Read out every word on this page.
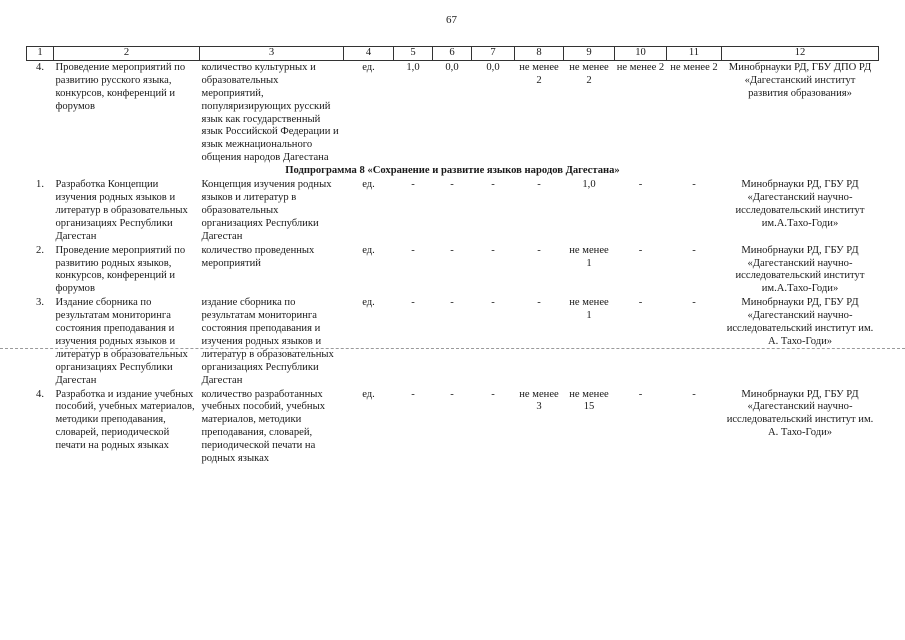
67
1	2	3	4	5	6	7	8	9	10	11	12
4.	Проведение мероприятий по развитию русского языка, конкурсов, конференций и форумов	количество культурных и образовательных мероприятий, популяризирующих русский язык как государственный язык Российской Федерации и язык межнационального общения народов Дагестана	ед.	1,0	0,0	0,0	не менее 2	не менее 2	не менее 2	не менее 2	Минобрнауки РД, ГБУ ДПО РД «Дагестанский институт развития образования»
Подпрограмма 8 «Сохранение и развитие языков народов Дагестана»											
1.	Разработка Концепции изучения родных языков и литератур в образовательных организациях Республики Дагестан	Концепция изучения родных языков и литератур в образовательных организациях Республики Дагестан	ед.	-	-	-	-	1,0	-	-	Минобрнауки РД, ГБУ РД «Дагестанский научно-исследовательский институт им.А.Тахо-Годи»
2.	Проведение мероприятий по развитию родных языков, конкурсов, конференций и форумов	количество проведенных мероприятий	ед.	-	-	-	-	не менее 1	-	-	Минобрнауки РД, ГБУ РД «Дагестанский научно-исследовательский институт им.А.Тахо-Годи»
3.	Издание сборника по результатам мониторинга состояния преподавания и изучения родных языков и литератур в образовательных организациях Республики Дагестан	издание сборника по результатам мониторинга состояния преподавания и изучения родных языков и литератур в образовательных организациях Республики Дагестан	ед.	-	-	-	-	не менее 1	-	-	Минобрнауки РД, ГБУ РД «Дагестанский научно-исследовательский институт им. А. Тахо-Годи»
4.	Разработка и издание учебных пособий, учебных материалов, методики преподавания, словарей, периодической печати на родных языках	количество разработанных учебных пособий, учебных материалов, методики преподавания, словарей, периодической печати на родных языках	ед.	-	-	-	не менее 3	не менее 15	-	-	Минобрнауки РД, ГБУ РД «Дагестанский научно-исследовательский институт им. А. Тахо-Годи»
